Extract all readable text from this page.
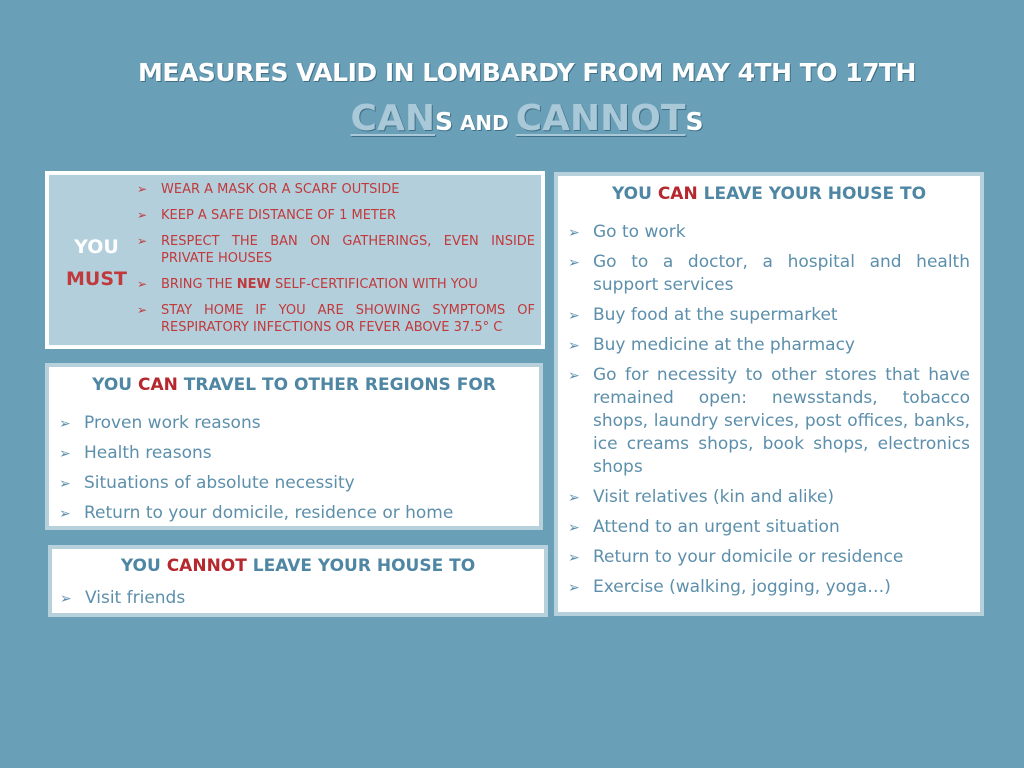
MEASURES VALID IN LOMBARDY FROM MAY 4TH TO 17TH
CANS AND CANNOTS
YOU
MUST
➢ WEAR A MASK OR A SCARF OUTSIDE
➢ KEEP A SAFE DISTANCE OF 1 METER
➢ RESPECT THE BAN ON GATHERINGS, EVEN INSIDE PRIVATE HOUSES
➢ BRING THE NEW SELF-CERTIFICATION WITH YOU
➢ STAY HOME IF YOU ARE SHOWING SYMPTOMS OF RESPIRATORY INFECTIONS OR FEVER ABOVE 37.5° C
YOU CAN TRAVEL TO OTHER REGIONS FOR
➢ Proven work reasons
➢ Health reasons
➢ Situations of absolute necessity
➢ Return to your domicile, residence or home
YOU CANNOT LEAVE YOUR HOUSE TO
➢ Visit friends
YOU CAN LEAVE YOUR HOUSE TO
➢ Go to work
➢ Go to a doctor, a hospital and health support services
➢ Buy food at the supermarket
➢ Buy medicine at the pharmacy
➢ Go for necessity to other stores that have remained open: newsstands, tobacco shops, laundry services, post offices, banks, ice creams shops, book shops, electronics shops
➢ Visit relatives (kin and alike)
➢ Attend to an urgent situation
➢ Return to your domicile or residence
➢ Exercise (walking, jogging, yoga…)
